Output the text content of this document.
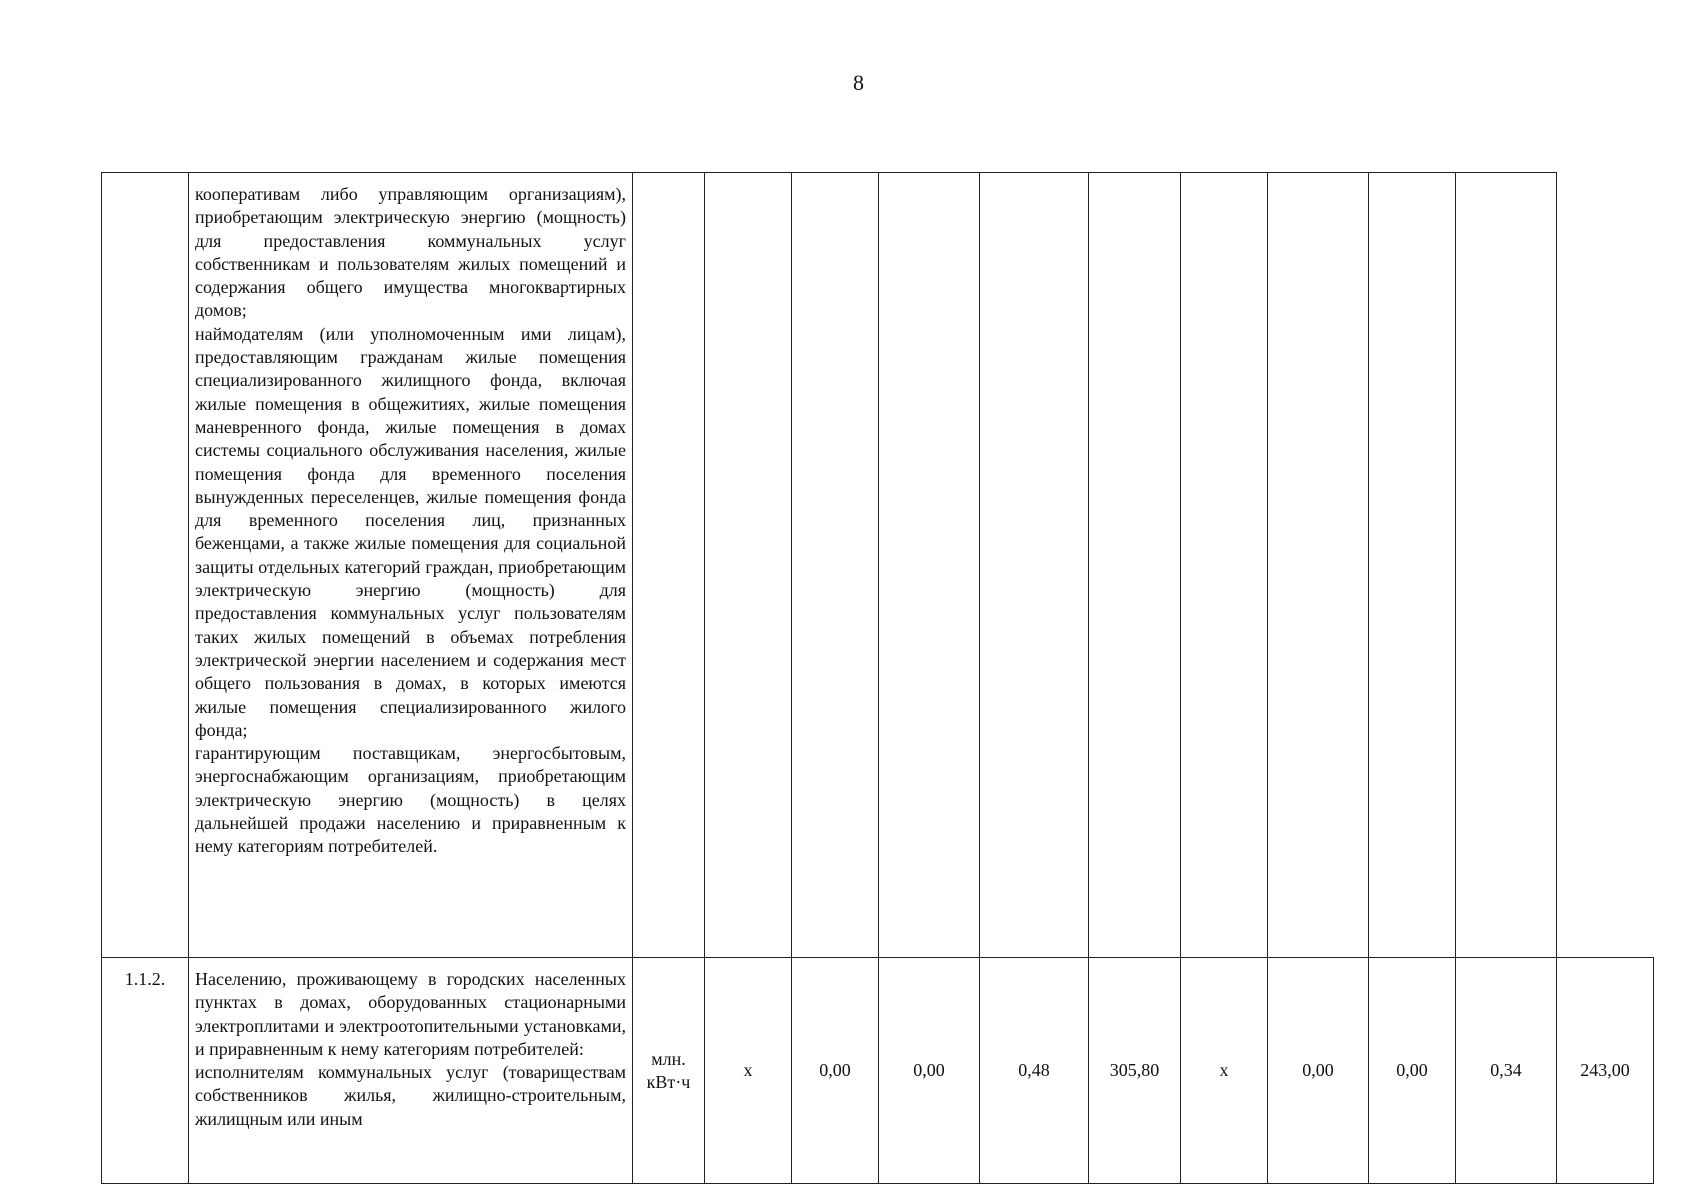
8

	кооперативам либо управляющим организациям), приобретающим электрическую энергию (мощность) для предоставления коммунальных услуг собственникам и пользователям жилых помещений и содержания общего имущества многоквартирных домов;
наймодателям (или уполномоченным ими лицам), предоставляющим гражданам жилые помещения специализированного жилищного фонда, включая жилые помещения в общежитиях, жилые помещения маневренного фонда, жилые помещения в домах системы социального обслуживания населения, жилые помещения фонда для временного поселения вынужденных переселенцев, жилые помещения фонда для временного поселения лиц, признанных беженцами, а также жилые помещения для социальной защиты отдельных категорий граждан, приобретающим электрическую энергию (мощность) для предоставления коммунальных услуг пользователям таких жилых помещений в объемах потребления электрической энергии населением и содержания мест общего пользования в домах, в которых имеются жилые помещения специализированного жилого фонда;
гарантирующим поставщикам, энергосбытовым, энергоснабжающим организациям, приобретающим электрическую энергию (мощность) в целях дальнейшей продажи населению и приравненным к нему категориям потребителей.											

1.1.2.	Населению, проживающему в городских населенных пунктах в домах, оборудованных стационарными электроплитами и электроотопительными установками, и приравненным к нему категориям потребителей:
исполнителям коммунальных услуг (товариществам собственников жилья, жилищно-строительным, жилищным или иным	млн.
кВт·ч	х	0,00	0,00	0,48	305,80	х	0,00	0,00	0,34	243,00
